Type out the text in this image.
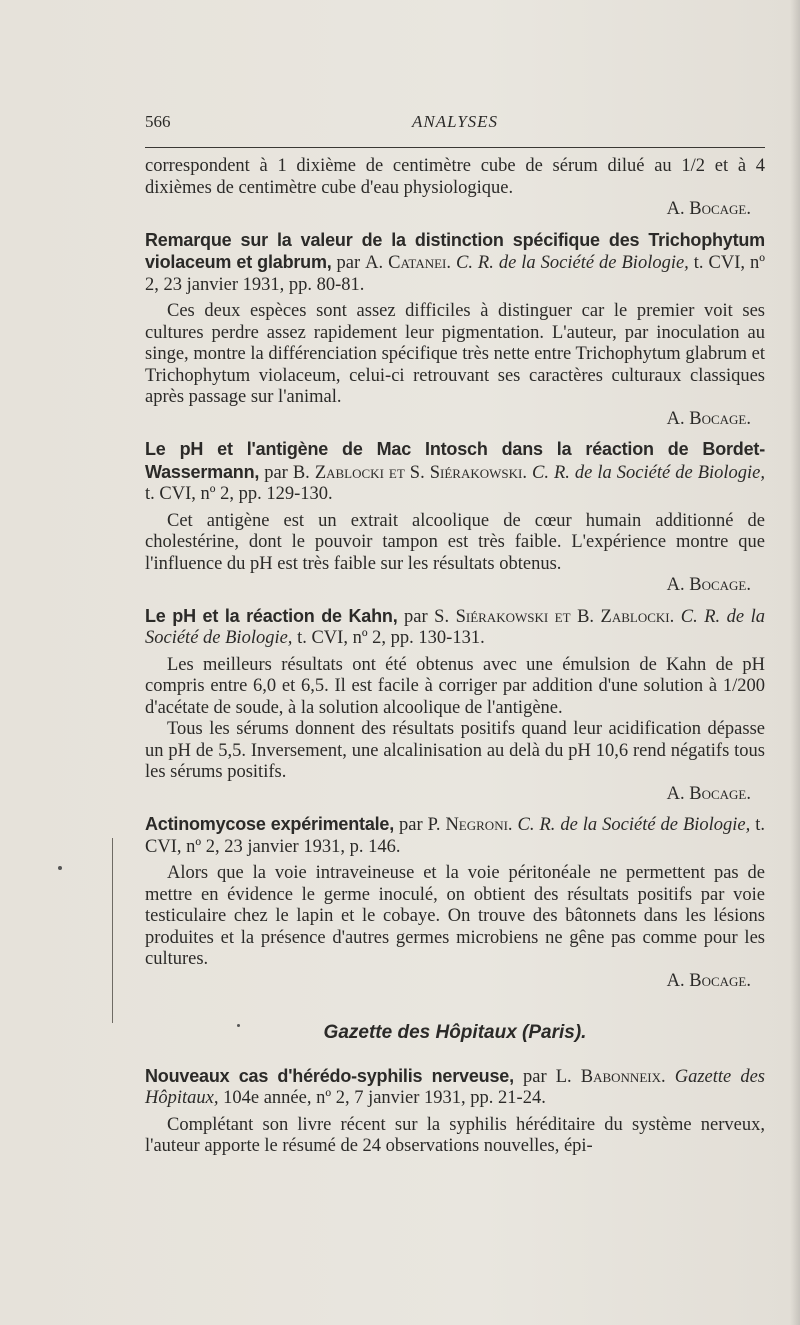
566	ANALYSES

correspondent à 1 dixième de centimètre cube de sérum dilué au 1/2 et à 4 dixièmes de centimètre cube d'eau physiologique.

A. Bocage.

Remarque sur la valeur de la distinction spécifique des Trichophytum violaceum et glabrum, par A. Catanei. C. R. de la Société de Biologie, t. CVI, nº 2, 23 janvier 1931, pp. 80-81.

Ces deux espèces sont assez difficiles à distinguer car le premier voit ses cultures perdre assez rapidement leur pigmentation. L'auteur, par inoculation au singe, montre la différenciation spécifique très nette entre Trichophytum glabrum et Trichophytum violaceum, celui-ci retrouvant ses caractères culturaux classiques après passage sur l'animal.

A. Bocage.

Le pH et l'antigène de Mac Intosch dans la réaction de Bordet-Wassermann, par B. Zablocki et S. Siérakowski. C. R. de la Société de Biologie, t. CVI, nº 2, pp. 129-130.

Cet antigène est un extrait alcoolique de cœur humain additionné de cholestérine, dont le pouvoir tampon est très faible. L'expérience montre que l'influence du pH est très faible sur les résultats obtenus.

A. Bocage.

Le pH et la réaction de Kahn, par S. Siérakowski et B. Zablocki. C. R. de la Société de Biologie, t. CVI, nº 2, pp. 130-131.

Les meilleurs résultats ont été obtenus avec une émulsion de Kahn de pH compris entre 6,0 et 6,5. Il est facile à corriger par addition d'une solution à 1/200 d'acétate de soude, à la solution alcoolique de l'antigène.

Tous les sérums donnent des résultats positifs quand leur acidification dépasse un pH de 5,5. Inversement, une alcalinisation au delà du pH 10,6 rend négatifs tous les sérums positifs.

A. Bocage.

Actinomycose expérimentale, par P. Negroni. C. R. de la Société de Biologie, t. CVI, nº 2, 23 janvier 1931, p. 146.

Alors que la voie intraveineuse et la voie péritonéale ne permettent pas de mettre en évidence le germe inoculé, on obtient des résultats positifs par voie testiculaire chez le lapin et le cobaye. On trouve des bâtonnets dans les lésions produites et la présence d'autres germes microbiens ne gêne pas comme pour les cultures.

A. Bocage.

Gazette des Hôpitaux (Paris).

Nouveaux cas d'hérédo-syphilis nerveuse, par L. Babonneix. Gazette des Hôpitaux, 104e année, nº 2, 7 janvier 1931, pp. 21-24.

Complétant son livre récent sur la syphilis héréditaire du système nerveux, l'auteur apporte le résumé de 24 observations nouvelles, épi-
